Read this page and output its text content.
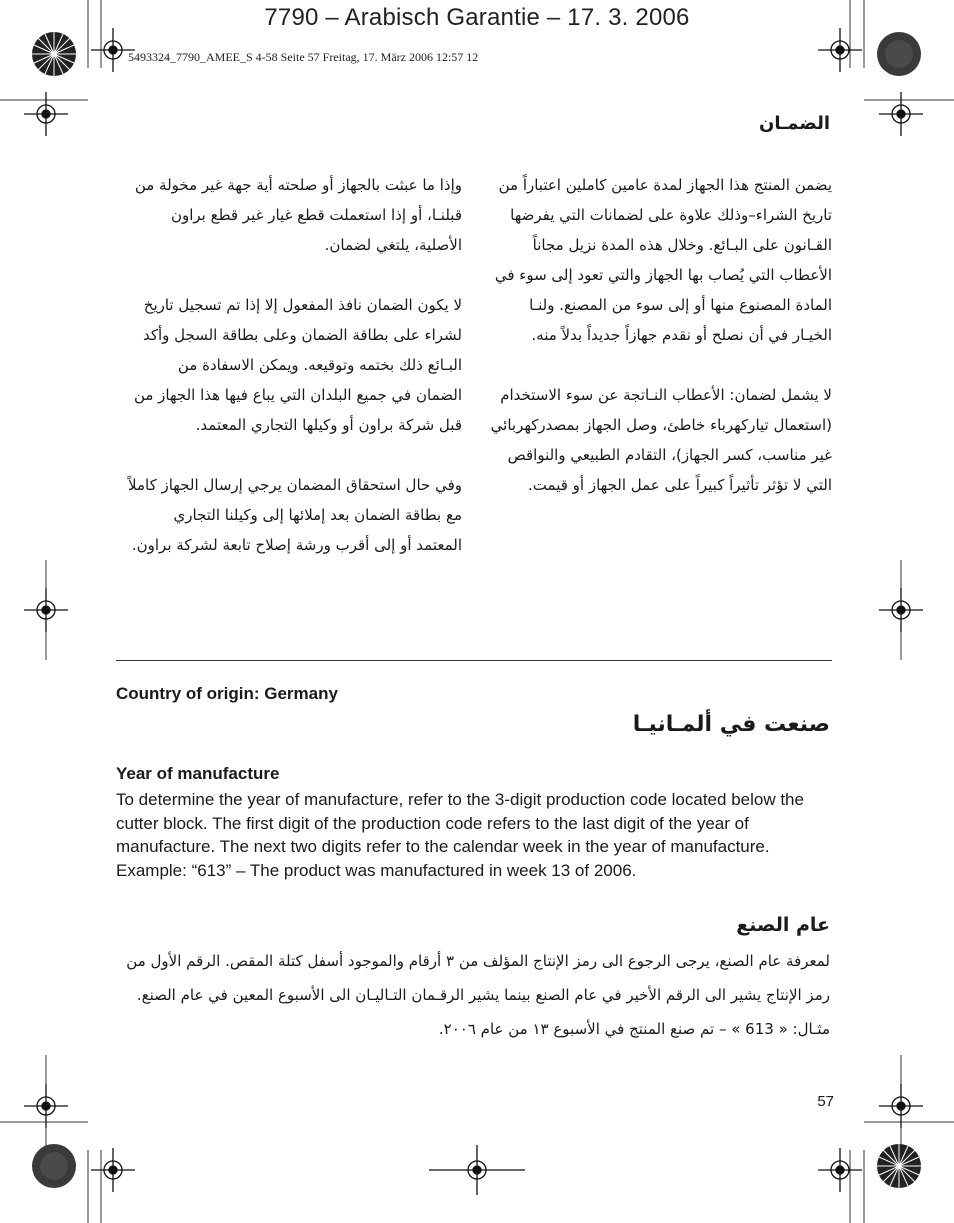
7790 – Arabisch Garantie – 17. 3. 2006
5493324_7790_AMEE_S 4-58 Seite 57 Freitag, 17. März 2006 12:57 12
الضمـان

يضمن المنتج هذا الجهاز لمدة عامين كاملين اعتباراً من تاريخ الشراء–وذلك علاوة على لضمانات التي يفرضها القـانون على البـائع. وخلال هذه المدة نزيل مجاناً الأعطاب التي يُصاب بها الجهاز والتي تعود إلى سوء في المادة المصنوع منها أو إلى سوء من المصنع. ولنـا الخيـار في أن نصلح أو نقدم جهازاً جديداً بدلاً منه.

لا يشمل لضمان: الأعطاب النـاتجة عن سوء الاستخدام (استعمال تياركهرباء خاطئ، وصل الجهاز بمصدركهربائي غير مناسب، كسر الجهاز)، التقادم الطبيعي والنواقص التي لا تؤثر تأثيراً كبيراً على عمل الجهاز أو قيمت.

وإذا ما عبثت بالجهاز أو صلحته أية جهة غير مخولة من قبلنـا، أو إذا استعملت قطع غيار غير قطع براون الأصلية، يلتغي لضمان.

لا يكون الضمان نافذ المفعول إلا إذا تم تسجيل تاريخ لشراء على بطاقة الضمان وعلى بطاقة السجل وأكد البـائع ذلك بختمه وتوقيعه. ويمكن الاسفادة من الضمان في جميع البلدان التي يباع فيها هذا الجهاز من قبل شركة براون أو وكيلها التجاري المعتمد.

وفي حال استحقاق المضمان يرجي إرسال الجهاز كاملاً مع بطاقة الضمان بعد إملائها إلى وكيلنا التجاري المعتمد أو إلى أقرب ورشة إصلاح تابعة لشركة براون.

Country of origin: Germany
صنعت في ألمـانيـا
Year of manufacture

To determine the year of manufacture, refer to the 3-digit production code located below the cutter block. The first digit of the production code refers to the last digit of the year of manufacture. The next two digits refer to the calendar week in the year of manufacture.

Example: “613” – The product was manufactured in week 13 of 2006.

عام الصنع

لمعرفة عام الصنع، يرجى الرجوع الى رمز الإنتاج المؤلف من ٣ أرقام والموجود أسفل كتلة المقص. الرقم الأول من رمز الإنتاج يشير الى الرقم الأخير في عام الصنع بينما يشير الرقـمان التـاليـان الى الأسبوع المعين في عام الصنع.

مثـال: « 613 » – تم صنع المنتج في الأسبوع ١٣ من عام ٢٠٠٦.

57
